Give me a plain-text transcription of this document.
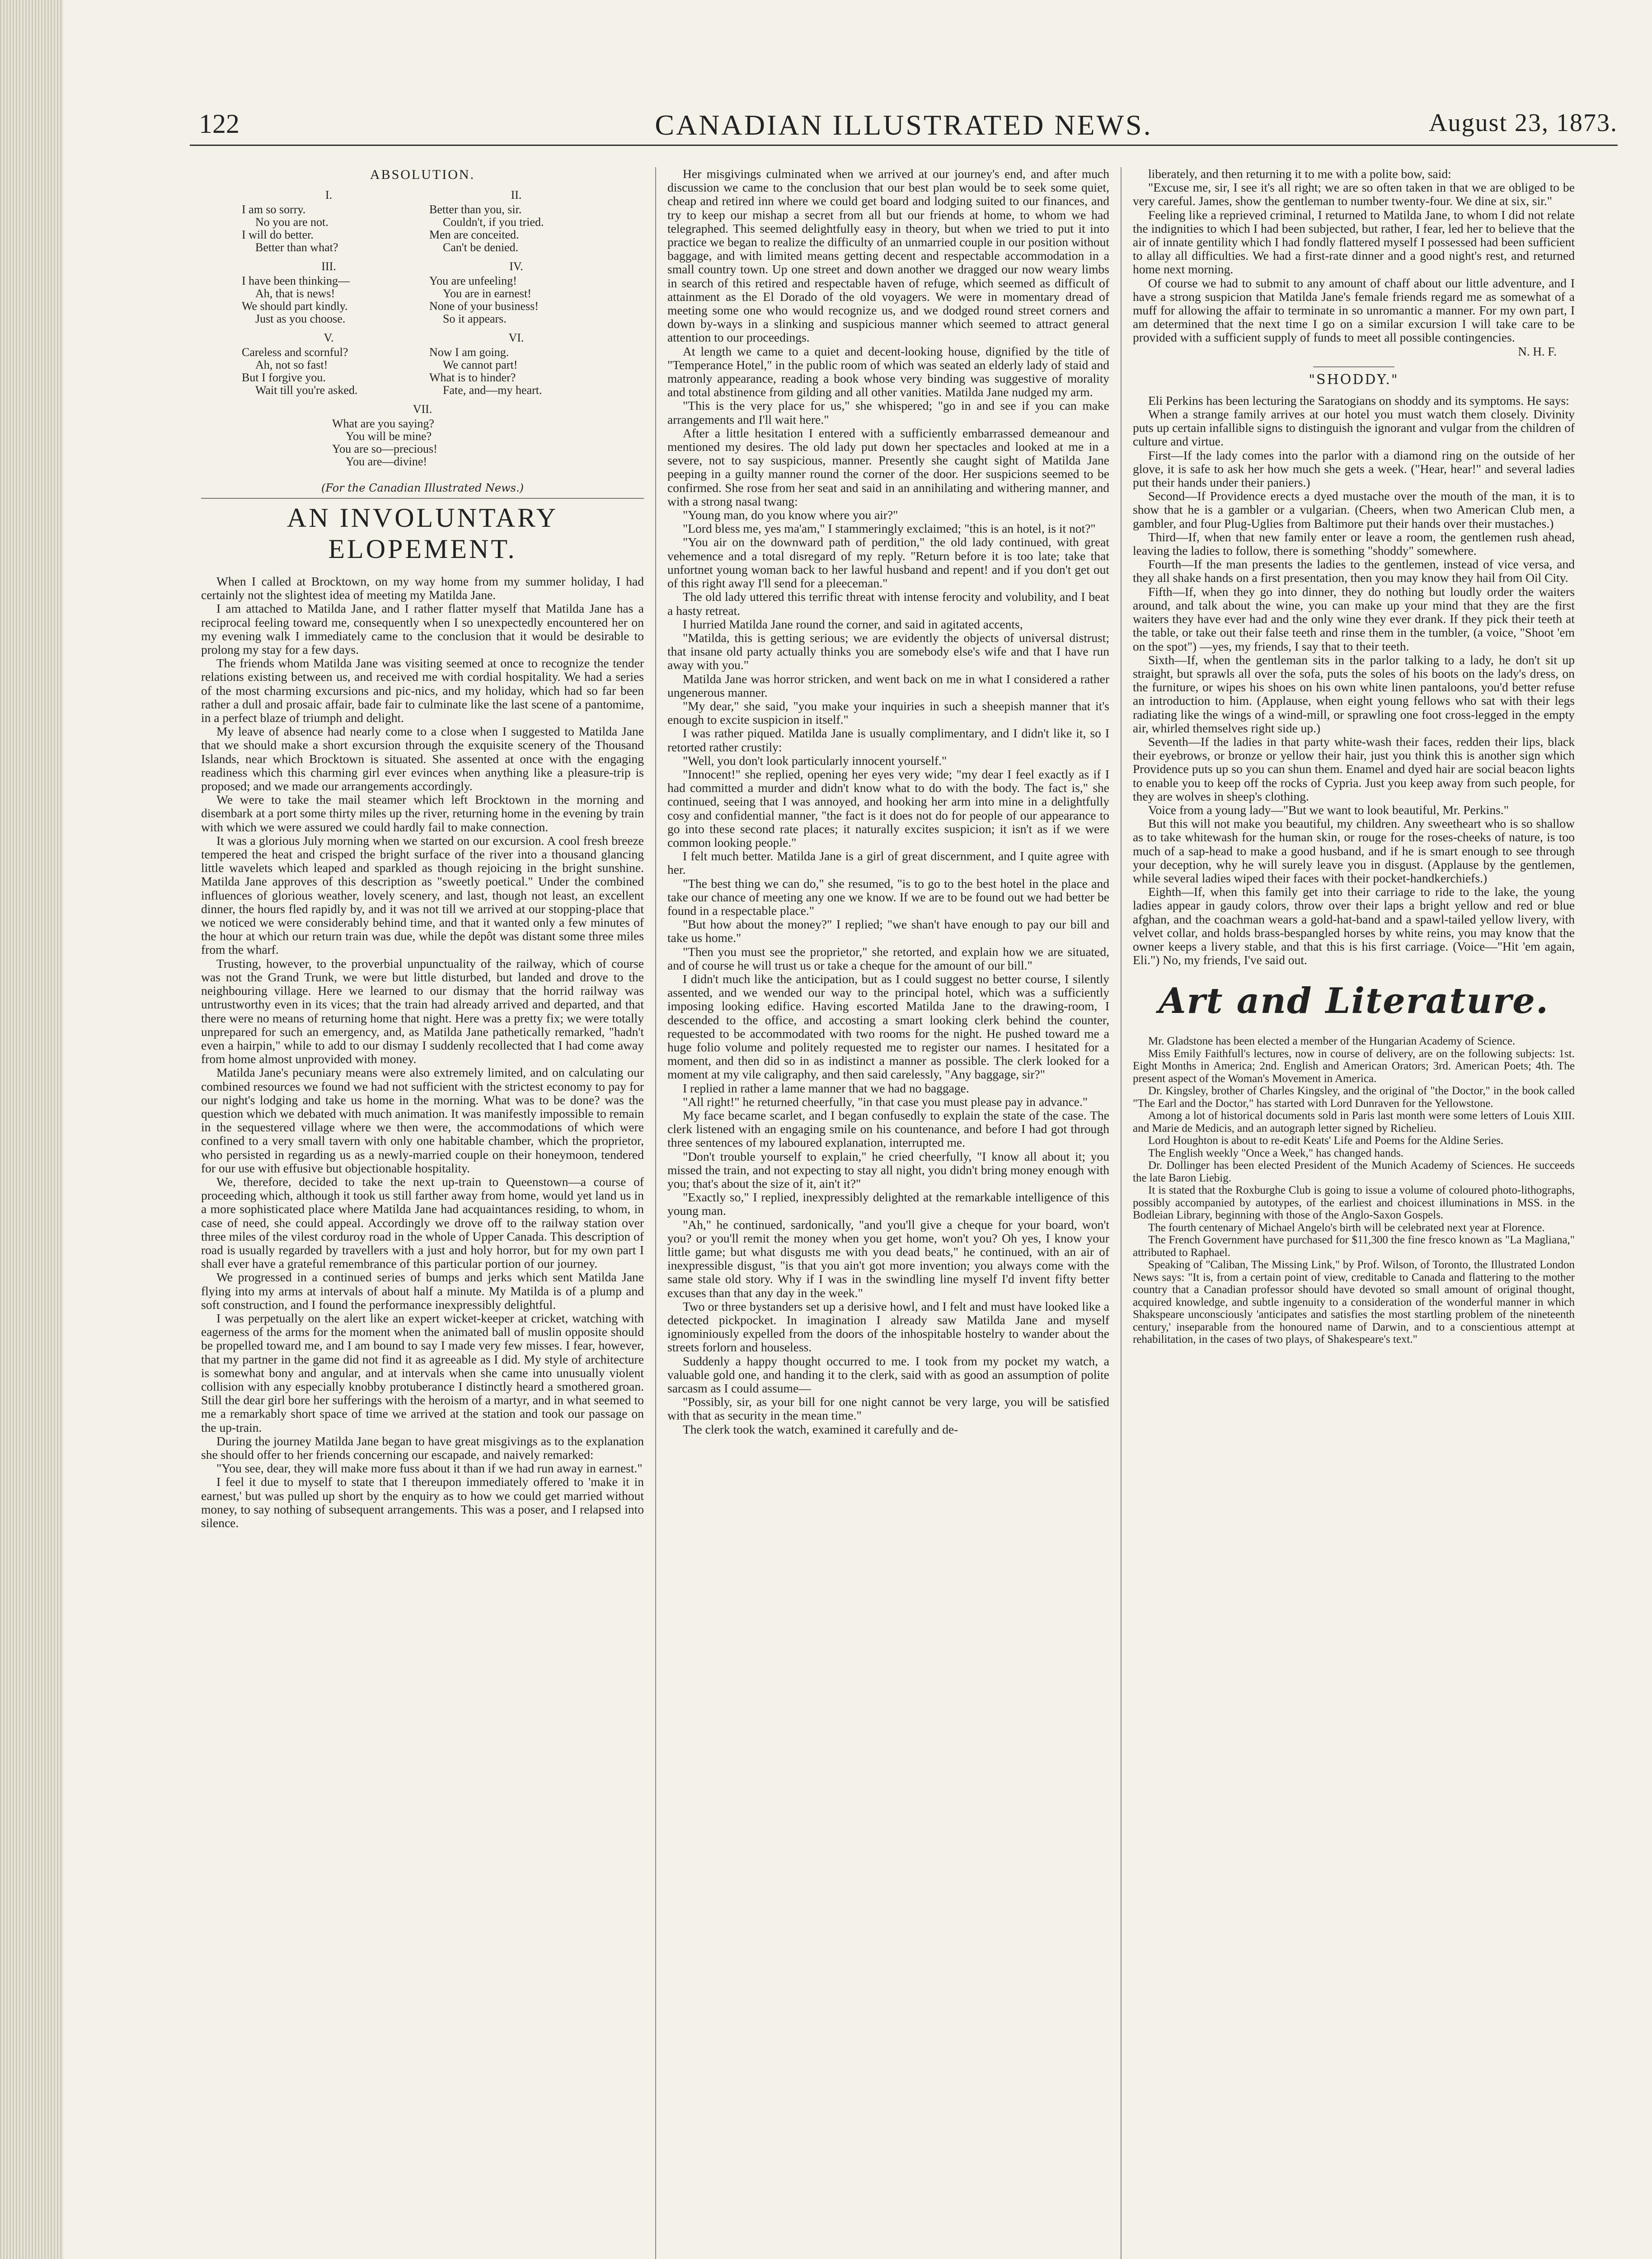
122	CANADIAN ILLUSTRATED NEWS.	August 23, 1873.
ABSOLUTION.
I.
I am so sorry.
No you are not.
I will do better.
Better than what?
II.
Better than you, sir.
Couldn't, if you tried.
Men are conceited.
Can't be denied.
III.
I have been thinking—
Ah, that is news!
We should part kindly.
Just as you choose.
IV.
You are unfeeling!
You are in earnest!
None of your business!
So it appears.
V.
Careless and scornful?
Ah, not so fast!
But I forgive you.
Wait till you're asked.
VI.
Now I am going.
We cannot part!
What is to hinder?
Fate, and—my heart.
VII.
What are you saying?
You will be mine?
You are so—precious!
You are—divine!
(For the Canadian Illustrated News.)
AN INVOLUNTARY ELOPEMENT.

When I called at Brocktown, on my way home from my summer holiday, I had certainly not the slightest idea of meeting my Matilda Jane.

I am attached to Matilda Jane, and I rather flatter myself that Matilda Jane has a reciprocal feeling toward me, consequently when I so unexpectedly encountered her on my evening walk I immediately came to the conclusion that it would be desirable to prolong my stay for a few days.

The friends whom Matilda Jane was visiting seemed at once to recognize the tender relations existing between us, and received me with cordial hospitality. We had a series of the most charming excursions and pic-nics, and my holiday, which had so far been rather a dull and prosaic affair, bade fair to culminate like the last scene of a pantomime, in a perfect blaze of triumph and delight.

My leave of absence had nearly come to a close when I suggested to Matilda Jane that we should make a short excursion through the exquisite scenery of the Thousand Islands, near which Brocktown is situated. She assented at once with the engaging readiness which this charming girl ever evinces when anything like a pleasure-trip is proposed; and we made our arrangements accordingly.

We were to take the mail steamer which left Brocktown in the morning and disembark at a port some thirty miles up the river, returning home in the evening by train with which we were assured we could hardly fail to make connection.

It was a glorious July morning when we started on our excursion. A cool fresh breeze tempered the heat and crisped the bright surface of the river into a thousand glancing little wavelets which leaped and sparkled as though rejoicing in the bright sunshine. Matilda Jane approves of this description as "sweetly poetical." Under the combined influences of glorious weather, lovely scenery, and last, though not least, an excellent dinner, the hours fled rapidly by, and it was not till we arrived at our stopping-place that we noticed we were considerably behind time, and that it wanted only a few minutes of the hour at which our return train was due, while the depôt was distant some three miles from the wharf.

Trusting, however, to the proverbial unpunctuality of the railway, which of course was not the Grand Trunk, we were but little disturbed, but landed and drove to the neighbouring village. Here we learned to our dismay that the horrid railway was untrustworthy even in its vices; that the train had already arrived and departed, and that there were no means of returning home that night. Here was a pretty fix; we were totally unprepared for such an emergency, and, as Matilda Jane pathetically remarked, "hadn't even a hairpin," while to add to our dismay I suddenly recollected that I had come away from home almost unprovided with money.

Matilda Jane's pecuniary means were also extremely limited, and on calculating our combined resources we found we had not sufficient with the strictest economy to pay for our night's lodging and take us home in the morning. What was to be done? was the question which we debated with much animation. It was manifestly impossible to remain in the sequestered village where we then were, the accommodations of which were confined to a very small tavern with only one habitable chamber, which the proprietor, who persisted in regarding us as a newly-married couple on their honeymoon, tendered for our use with effusive but objectionable hospitality.

We, therefore, decided to take the next up-train to Queenstown—a course of proceeding which, although it took us still farther away from home, would yet land us in a more sophisticated place where Matilda Jane had acquaintances residing, to whom, in case of need, she could appeal. Accordingly we drove off to the railway station over three miles of the vilest corduroy road in the whole of Upper Canada. This description of road is usually regarded by travellers with a just and holy horror, but for my own part I shall ever have a grateful remembrance of this particular portion of our journey.

We progressed in a continued series of bumps and jerks which sent Matilda Jane flying into my arms at intervals of about half a minute. My Matilda is of a plump and soft construction, and I found the performance inexpressibly delightful.

I was perpetually on the alert like an expert wicket-keeper at cricket, watching with eagerness of the arms for the moment when the animated ball of muslin opposite should be propelled toward me, and I am bound to say I made very few misses. I fear, however, that my partner in the game did not find it as agreeable as I did. My style of architecture is somewhat bony and angular, and at intervals when she came into unusually violent collision with any especially knobby protuberance I distinctly heard a smothered groan. Still the dear girl bore her sufferings with the heroism of a martyr, and in what seemed to me a remarkably short space of time we arrived at the station and took our passage on the up-train.

During the journey Matilda Jane began to have great misgivings as to the explanation she should offer to her friends concerning our escapade, and naively remarked:

"You see, dear, they will make more fuss about it than if we had run away in earnest."

I feel it due to myself to state that I thereupon immediately offered to 'make it in earnest,' but was pulled up short by the enquiry as to how we could get married without money, to say nothing of subsequent arrangements. This was a poser, and I relapsed into silence.

Her misgivings culminated when we arrived at our journey's end, and after much discussion we came to the conclusion that our best plan would be to seek some quiet, cheap and retired inn where we could get board and lodging suited to our finances, and try to keep our mishap a secret from all but our friends at home, to whom we had telegraphed. This seemed delightfully easy in theory, but when we tried to put it into practice we began to realize the difficulty of an unmarried couple in our position without baggage, and with limited means getting decent and respectable accommodation in a small country town. Up one street and down another we dragged our now weary limbs in search of this retired and respectable haven of refuge, which seemed as difficult of attainment as the El Dorado of the old voyagers. We were in momentary dread of meeting some one who would recognize us, and we dodged round street corners and down by-ways in a slinking and suspicious manner which seemed to attract general attention to our proceedings.

At length we came to a quiet and decent-looking house, dignified by the title of "Temperance Hotel," in the public room of which was seated an elderly lady of staid and matronly appearance, reading a book whose very binding was suggestive of morality and total abstinence from gilding and all other vanities. Matilda Jane nudged my arm.

"This is the very place for us," she whispered; "go in and see if you can make arrangements and I'll wait here."

After a little hesitation I entered with a sufficiently embarrassed demeanour and mentioned my desires. The old lady put down her spectacles and looked at me in a severe, not to say suspicious, manner. Presently she caught sight of Matilda Jane peeping in a guilty manner round the corner of the door. Her suspicions seemed to be confirmed. She rose from her seat and said in an annihilating and withering manner, and with a strong nasal twang:

"Young man, do you know where you air?"

"Lord bless me, yes ma'am," I stammeringly exclaimed; "this is an hotel, is it not?"

"You air on the downward path of perdition," the old lady continued, with great vehemence and a total disregard of my reply. "Return before it is too late; take that unfortnet young woman back to her lawful husband and repent! and if you don't get out of this right away I'll send for a pleeceman."

The old lady uttered this terrific threat with intense ferocity and volubility, and I beat a hasty retreat.

I hurried Matilda Jane round the corner, and said in agitated accents,

"Matilda, this is getting serious; we are evidently the objects of universal distrust; that insane old party actually thinks you are somebody else's wife and that I have run away with you."

Matilda Jane was horror stricken, and went back on me in what I considered a rather ungenerous manner.

"My dear," she said, "you make your inquiries in such a sheepish manner that it's enough to excite suspicion in itself."

I was rather piqued. Matilda Jane is usually complimentary, and I didn't like it, so I retorted rather crustily:

"Well, you don't look particularly innocent yourself."

"Innocent!" she replied, opening her eyes very wide; "my dear I feel exactly as if I had committed a murder and didn't know what to do with the body. The fact is," she continued, seeing that I was annoyed, and hooking her arm into mine in a delightfully cosy and confidential manner, "the fact is it does not do for people of our appearance to go into these second rate places; it naturally excites suspicion; it isn't as if we were common looking people."

I felt much better. Matilda Jane is a girl of great discernment, and I quite agree with her.

"The best thing we can do," she resumed, "is to go to the best hotel in the place and take our chance of meeting any one we know. If we are to be found out we had better be found in a respectable place."

"But how about the money?" I replied; "we shan't have enough to pay our bill and take us home."

"Then you must see the proprietor," she retorted, and explain how we are situated, and of course he will trust us or take a cheque for the amount of our bill."

I didn't much like the anticipation, but as I could suggest no better course, I silently assented, and we wended our way to the principal hotel, which was a sufficiently imposing looking edifice. Having escorted Matilda Jane to the drawing-room, I descended to the office, and accosting a smart looking clerk behind the counter, requested to be accommodated with two rooms for the night. He pushed toward me a huge folio volume and politely requested me to register our names. I hesitated for a moment, and then did so in as indistinct a manner as possible. The clerk looked for a moment at my vile caligraphy, and then said carelessly, "Any baggage, sir?"

I replied in rather a lame manner that we had no baggage.

"All right!" he returned cheerfully, "in that case you must please pay in advance."

My face became scarlet, and I began confusedly to explain the state of the case. The clerk listened with an engaging smile on his countenance, and before I had got through three sentences of my laboured explanation, interrupted me.

"Don't trouble yourself to explain," he cried cheerfully, "I know all about it; you missed the train, and not expecting to stay all night, you didn't bring money enough with you; that's about the size of it, ain't it?"

"Exactly so," I replied, inexpressibly delighted at the remarkable intelligence of this young man.

"Ah," he continued, sardonically, "and you'll give a cheque for your board, won't you? or you'll remit the money when you get home, won't you? Oh yes, I know your little game; but what disgusts me with you dead beats," he continued, with an air of inexpressible disgust, "is that you ain't got more invention; you always come with the same stale old story. Why if I was in the swindling line myself I'd invent fifty better excuses than that any day in the week."

Two or three bystanders set up a derisive howl, and I felt and must have looked like a detected pickpocket. In imagination I already saw Matilda Jane and myself ignominiously expelled from the doors of the inhospitable hostelry to wander about the streets forlorn and houseless.

Suddenly a happy thought occurred to me. I took from my pocket my watch, a valuable gold one, and handing it to the clerk, said with as good an assumption of polite sarcasm as I could assume—

"Possibly, sir, as your bill for one night cannot be very large, you will be satisfied with that as security in the mean time."

The clerk took the watch, examined it carefully and de-

liberately, and then returning it to me with a polite bow, said:

"Excuse me, sir, I see it's all right; we are so often taken in that we are obliged to be very careful. James, show the gentleman to number twenty-four. We dine at six, sir."

Feeling like a reprieved criminal, I returned to Matilda Jane, to whom I did not relate the indignities to which I had been subjected, but rather, I fear, led her to believe that the air of innate gentility which I had fondly flattered myself I possessed had been sufficient to allay all difficulties. We had a first-rate dinner and a good night's rest, and returned home next morning.

Of course we had to submit to any amount of chaff about our little adventure, and I have a strong suspicion that Matilda Jane's female friends regard me as somewhat of a muff for allowing the affair to terminate in so unromantic a manner. For my own part, I am determined that the next time I go on a similar excursion I will take care to be provided with a sufficient supply of funds to meet all possible contingencies.

N. H. F.
"SHODDY."

Eli Perkins has been lecturing the Saratogians on shoddy and its symptoms. He says:

When a strange family arrives at our hotel you must watch them closely. Divinity puts up certain infallible signs to distinguish the ignorant and vulgar from the children of culture and virtue.

First—If the lady comes into the parlor with a diamond ring on the outside of her glove, it is safe to ask her how much she gets a week. ("Hear, hear!" and several ladies put their hands under their paniers.)

Second—If Providence erects a dyed mustache over the mouth of the man, it is to show that he is a gambler or a vulgarian. (Cheers, when two American Club men, a gambler, and four Plug-Uglies from Baltimore put their hands over their mustaches.)

Third—If, when that new family enter or leave a room, the gentlemen rush ahead, leaving the ladies to follow, there is something "shoddy" somewhere.

Fourth—If the man presents the ladies to the gentlemen, instead of vice versa, and they all shake hands on a first presentation, then you may know they hail from Oil City.

Fifth—If, when they go into dinner, they do nothing but loudly order the waiters around, and talk about the wine, you can make up your mind that they are the first waiters they have ever had and the only wine they ever drank. If they pick their teeth at the table, or take out their false teeth and rinse them in the tumbler, (a voice, "Shoot 'em on the spot") —yes, my friends, I say that to their teeth.

Sixth—If, when the gentleman sits in the parlor talking to a lady, he don't sit up straight, but sprawls all over the sofa, puts the soles of his boots on the lady's dress, on the furniture, or wipes his shoes on his own white linen pantaloons, you'd better refuse an introduction to him. (Applause, when eight young fellows who sat with their legs radiating like the wings of a wind-mill, or sprawling one foot cross-legged in the empty air, whirled themselves right side up.)

Seventh—If the ladies in that party white-wash their faces, redden their lips, black their eyebrows, or bronze or yellow their hair, just you think this is another sign which Providence puts up so you can shun them. Enamel and dyed hair are social beacon lights to enable you to keep off the rocks of Cypria. Just you keep away from such people, for they are wolves in sheep's clothing.

Voice from a young lady—"But we want to look beautiful, Mr. Perkins."

But this will not make you beautiful, my children. Any sweetheart who is so shallow as to take whitewash for the human skin, or rouge for the roses-cheeks of nature, is too much of a sap-head to make a good husband, and if he is smart enough to see through your deception, why he will surely leave you in disgust. (Applause by the gentlemen, while several ladies wiped their faces with their pocket-handkerchiefs.)

Eighth—If, when this family get into their carriage to ride to the lake, the young ladies appear in gaudy colors, throw over their laps a bright yellow and red or blue afghan, and the coachman wears a gold-hat-band and a spawl-tailed yellow livery, with velvet collar, and holds brass-bespangled horses by white reins, you may know that the owner keeps a livery stable, and that this is his first carriage. (Voice—"Hit 'em again, Eli.") No, my friends, I've said out.

Art and Literature.

Mr. Gladstone has been elected a member of the Hungarian Academy of Science.

Miss Emily Faithfull's lectures, now in course of delivery, are on the following subjects: 1st. Eight Months in America; 2nd. English and American Orators; 3rd. American Poets; 4th. The present aspect of the Woman's Movement in America.

Dr. Kingsley, brother of Charles Kingsley, and the original of "the Doctor," in the book called "The Earl and the Doctor," has started with Lord Dunraven for the Yellowstone.

Among a lot of historical documents sold in Paris last month were some letters of Louis XIII. and Marie de Medicis, and an autograph letter signed by Richelieu.

Lord Houghton is about to re-edit Keats' Life and Poems for the Aldine Series.

The English weekly "Once a Week," has changed hands.

Dr. Dollinger has been elected President of the Munich Academy of Sciences. He succeeds the late Baron Liebig.

It is stated that the Roxburghe Club is going to issue a volume of coloured photo-lithographs, possibly accompanied by autotypes, of the earliest and choicest illuminations in MSS. in the Bodleian Library, beginning with those of the Anglo-Saxon Gospels.

The fourth centenary of Michael Angelo's birth will be celebrated next year at Florence.

The French Government have purchased for $11,300 the fine fresco known as "La Magliana," attributed to Raphael.

Speaking of "Caliban, The Missing Link," by Prof. Wilson, of Toronto, the Illustrated London News says: "It is, from a certain point of view, creditable to Canada and flattering to the mother country that a Canadian professor should have devoted so small amount of original thought, acquired knowledge, and subtle ingenuity to a consideration of the wonderful manner in which Shakspeare unconsciously 'anticipates and satisfies the most startling problem of the nineteenth century,' inseparable from the honoured name of Darwin, and to a conscientious attempt at rehabilitation, in the cases of two plays, of Shakespeare's text."
